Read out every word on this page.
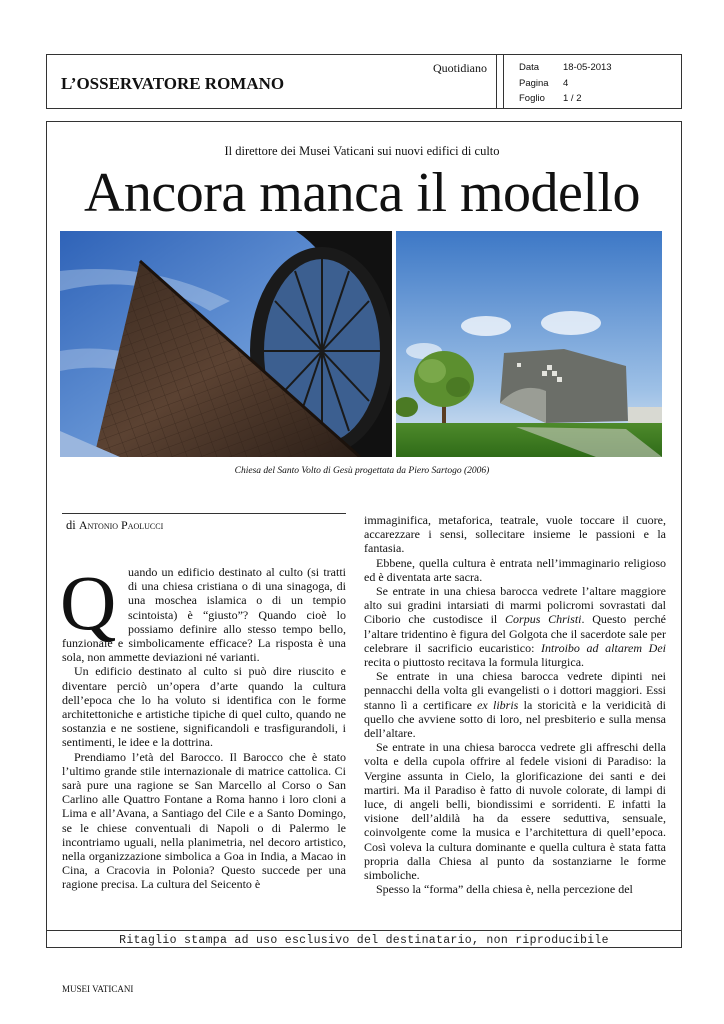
L’OSSERVATORE ROMANO
Quotidiano	Data	18-05-2013
Pagina	4
Foglio	1 / 2
Il direttore dei Musei Vaticani sui nuovi edifici di culto
Ancora manca il modello
Chiesa del Santo Volto di Gesù progettata da Piero Sartogo (2006)
di Antonio Paolucci

Quando un edificio destinato al culto (si tratti di una chiesa cristiana o di una sinagoga, di una moschea islamica o di un tempio scintoista) è “giusto”? Quando cioè lo possiamo definire allo stesso tempo bello, funzionale e simbolicamente efficace? La risposta è una sola, non ammette deviazioni né varianti.

Un edificio destinato al culto si può dire riuscito e diventare perciò un’opera d’arte quando la cultura dell’epoca che lo ha voluto si identifica con le forme architettoniche e artistiche tipiche di quel culto, quando ne sostanzia e ne sostiene, significandoli e trasfigurandoli, i sentimenti, le idee e la dottrina.

Prendiamo l’età del Barocco. Il Barocco che è stato l’ultimo grande stile internazionale di matrice cattolica. Ci sarà pure una ragione se San Marcello al Corso o San Carlino alle Quattro Fontane a Roma hanno i loro cloni a Lima e all’Avana, a Santiago del Cile e a Santo Domingo, se le chiese conventuali di Napoli o di Palermo le incontriamo uguali, nella planimetria, nel decoro artistico, nella organizzazione simbolica a Goa in India, a Macao in Cina, a Cracovia in Polonia? Questo succede per una ragione precisa. La cultura del Seicento è

immaginifica, metaforica, teatrale, vuole toccare il cuore, accarezzare i sensi, sollecitare insieme le passioni e la fantasia.

Ebbene, quella cultura è entrata nell’immaginario religioso ed è diventata arte sacra.

Se entrate in una chiesa barocca vedrete l’altare maggiore alto sui gradini intarsiati di marmi policromi sovrastati dal Ciborio che custodisce il Corpus Christi. Questo perché l’altare tridentino è figura del Golgota che il sacerdote sale per celebrare il sacrificio eucaristico: Introibo ad altarem Dei recita o piuttosto recitava la formula liturgica.

Se entrate in una chiesa barocca vedrete dipinti nei pennacchi della volta gli evangelisti o i dottori maggiori. Essi stanno lì a certificare ex libris la storicità e la veridicità di quello che avviene sotto di loro, nel presbiterio e sulla mensa dell’altare.

Se entrate in una chiesa barocca vedrete gli affreschi della volta e della cupola offrire al fedele visioni di Paradiso: la Vergine assunta in Cielo, la glorificazione dei santi e dei martiri. Ma il Paradiso è fatto di nuvole colorate, di lampi di luce, di angeli belli, biondissimi e sorridenti. E infatti la visione dell’aldilà ha da essere seduttiva, sensuale, coinvolgente come la musica e l’architettura di quell’epoca. Così voleva la cultura dominante e quella cultura è stata fatta propria dalla Chiesa al punto da sostanziarne le forme simboliche.

Spesso la “forma” della chiesa è, nella percezione del

Ritaglio stampa ad uso esclusivo del destinatario, non riproducibile
MUSEI VATICANI
